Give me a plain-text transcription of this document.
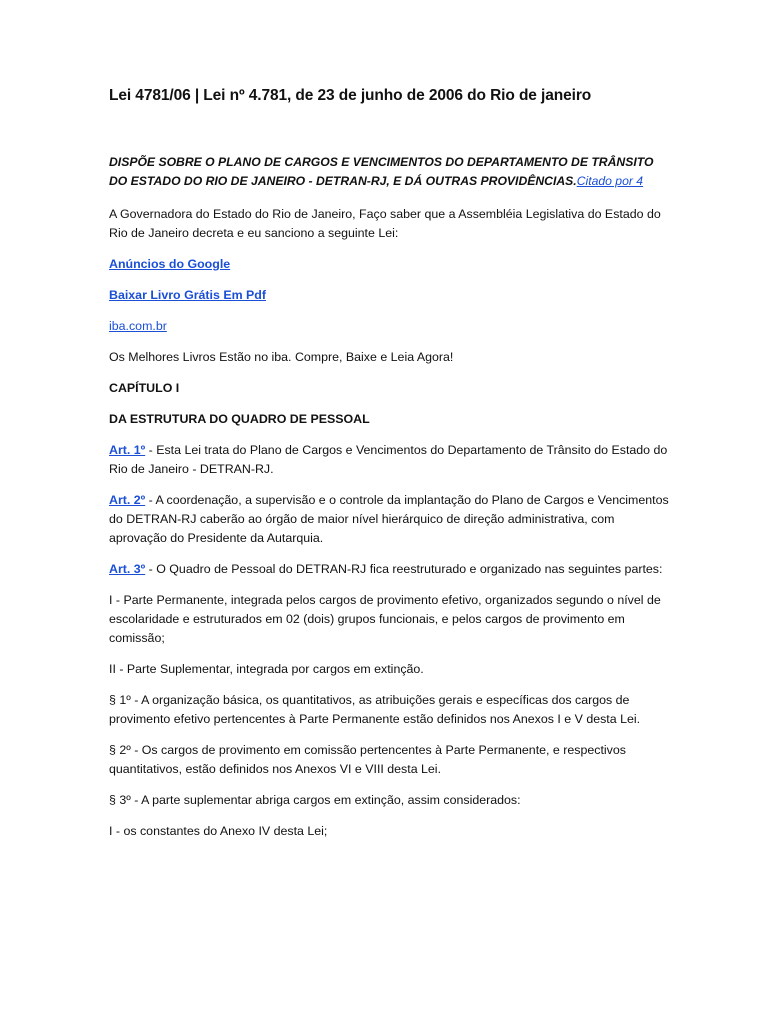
Lei 4781/06 | Lei nº 4.781, de 23 de junho de 2006 do Rio de janeiro

DISPÕE SOBRE O PLANO DE CARGOS E VENCIMENTOS DO DEPARTAMENTO DE TRÂNSITO DO ESTADO DO RIO DE JANEIRO - DETRAN-RJ, E DÁ OUTRAS PROVIDÊNCIAS.Citado por 4

A Governadora do Estado do Rio de Janeiro, Faço saber que a Assembléia Legislativa do Estado do Rio de Janeiro decreta e eu sanciono a seguinte Lei:

Anúncios do Google

Baixar Livro Grátis Em Pdf

iba.com.br

Os Melhores Livros Estão no iba. Compre, Baixe e Leia Agora!

CAPÍTULO I

DA ESTRUTURA DO QUADRO DE PESSOAL

Art. 1º - Esta Lei trata do Plano de Cargos e Vencimentos do Departamento de Trânsito do Estado do Rio de Janeiro - DETRAN-RJ.

Art. 2º - A coordenação, a supervisão e o controle da implantação do Plano de Cargos e Vencimentos do DETRAN-RJ caberão ao órgão de maior nível hierárquico de direção administrativa, com aprovação do Presidente da Autarquia.

Art. 3º - O Quadro de Pessoal do DETRAN-RJ fica reestruturado e organizado nas seguintes partes:

I - Parte Permanente, integrada pelos cargos de provimento efetivo, organizados segundo o nível de escolaridade e estruturados em 02 (dois) grupos funcionais, e pelos cargos de provimento em comissão;

II - Parte Suplementar, integrada por cargos em extinção.

§ 1º - A organização básica, os quantitativos, as atribuições gerais e específicas dos cargos de provimento efetivo pertencentes à Parte Permanente estão definidos nos Anexos I e V desta Lei.

§ 2º - Os cargos de provimento em comissão pertencentes à Parte Permanente, e respectivos quantitativos, estão definidos nos Anexos VI e VIII desta Lei.

§ 3º - A parte suplementar abriga cargos em extinção, assim considerados:

I - os constantes do Anexo IV desta Lei;
